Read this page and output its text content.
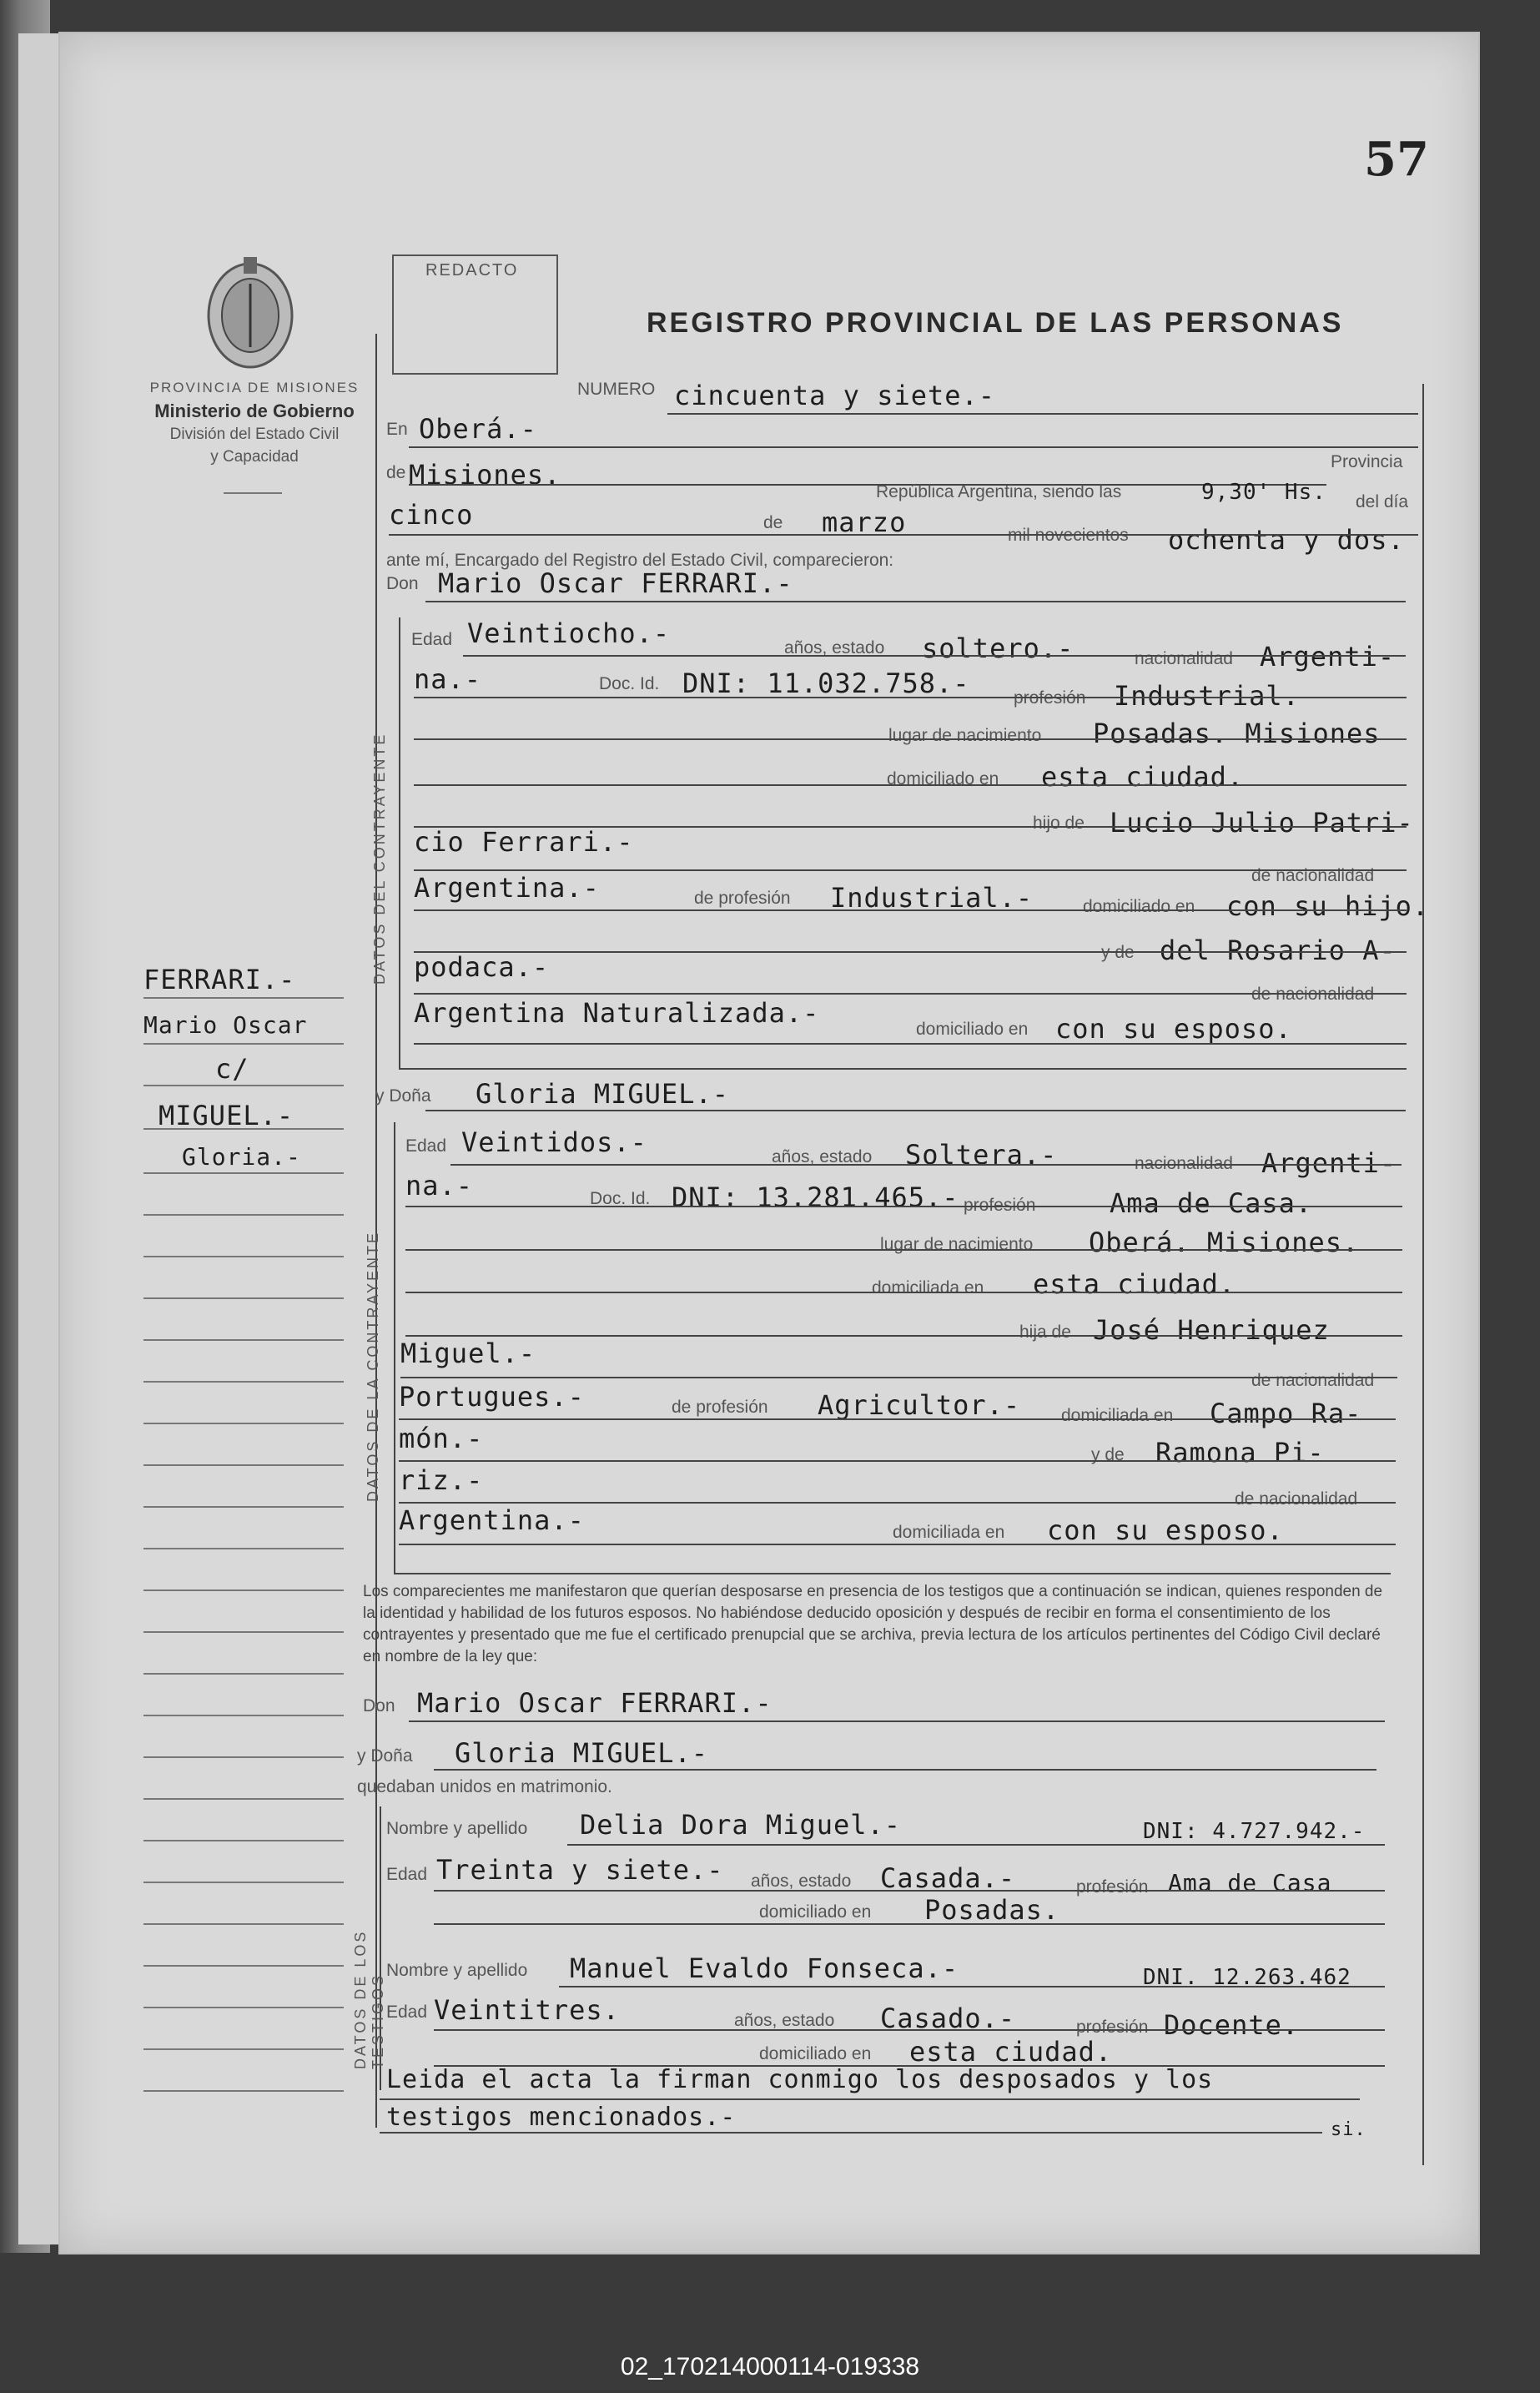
57
PROVINCIA DE MISIONES
Ministerio de Gobierno
División del Estado Civil
y Capacidad
REDACTO
REGISTRO PROVINCIAL DE LAS PERSONAS
FERRARI.-
Mario Oscar
c/
MIGUEL.-
Gloria.-
NUMERO cincuenta y siete.-
En Oberá.-
Provincia
de Misiones.
República Argentina, siendo las	9,30' Hs. del día
cinco	de marzo	mil novecientos ochenta y dos.
ante mí, Encargado del Registro del Estado Civil, comparecieron:
Don Mario Oscar FERRARI.-
DATOS DEL CONTRAYENTE
Edad Veintiocho.-	años, estado soltero.-	nacionalidad Argenti-
na.-	Doc. Id. DNI: 11.032.758.- profesión Industrial.
lugar de nacimiento Posadas. Misiones
domiciliado en esta ciudad.
hijo de Lucio Julio Patri-
cio Ferrari.-
de nacionalidad
Argentina.-	de profesión Industrial.-	domiciliado en con su hijo.
y de del Rosario A-
podaca.-
de nacionalidad
Argentina Naturalizada.-
domiciliado en con su esposo.
y Doña Gloria MIGUEL.-
DATOS DE LA CONTRAYENTE
Edad Veintidos.-	años, estado Soltera.-	nacionalidad Argenti-
na.-	Doc. Id. DNI: 13.281.465.- profesión	Ama de Casa.
lugar de nacimiento Oberá. Misiones.
domiciliada en esta ciudad.
hija de José Henriquez
Miguel.-
de nacionalidad
Portugues.-	de profesión Agricultor.- domiciliada en Campo Ra-
món.-
y de Ramona Pi-
riz.-
de nacionalidad
Argentina.-	domiciliada en con su esposo.
Los comparecientes me manifestaron que querían desposarse en presencia de los testigos que a continuación se indican, quienes responden de la identidad y habilidad de los futuros esposos. No habiéndose deducido oposición y después de recibir en forma el consentimiento de los contrayentes y presentado que me fue el certificado prenupcial que se archiva, previa lectura de los artículos pertinentes del Código Civil declaré en nombre de la ley que:
Don Mario Oscar FERRARI.-
y Doña Gloria MIGUEL.-
quedaban unidos en matrimonio.
DATOS DE LOS TESTIGOS
Nombre y apellido Delia Dora Miguel.-	DNI: 4.727.942.-
Edad Treinta y siete.- años, estado Casada.-	profesión Ama de Casa
domiciliado en Posadas.
Nombre y apellido Manuel Evaldo Fonseca.-	DNI. 12.263.462
Edad Veintitres.	años, estado Casado.-	profesión Docente.
domiciliado en esta ciudad.
Leida el acta la firman conmigo los desposados y los
testigos mencionados.-	si.
02_170214000114-019338
